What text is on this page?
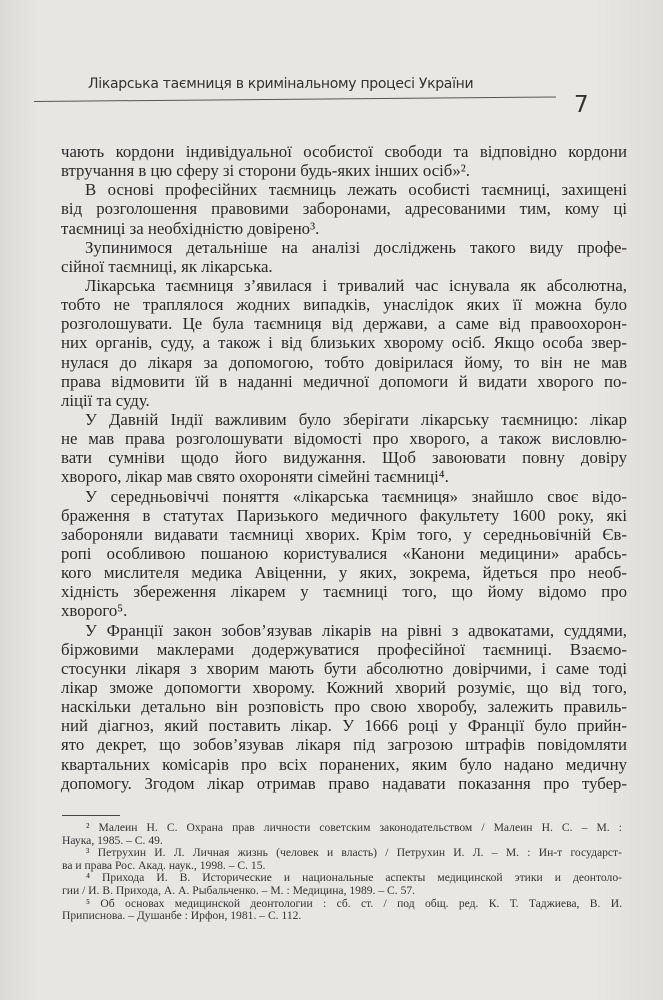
Лікарська таємниця в кримінальному процесі України
7
чають кордони індивідуальної особистої свободи та відповідно кордони
втручання в цю сферу зі сторони будь-яких інших осіб»².
В основі професійних таємниць лежать особисті таємниці, захищені
від розголошення правовими заборонами, адресованими тим, кому ці
таємниці за необхідністю довірено³.
Зупинимося детальніше на аналізі досліджень такого виду профе-
сійної таємниці, як лікарська.
Лікарська таємниця з’явилася і тривалий час існувала як абсолютна,
тобто не траплялося жодних випадків, унаслідок яких її можна було
розголошувати. Це була таємниця від держави, а саме від правоохорон-
них органів, суду, а також і від близьких хворому осіб. Якщо особа звер-
нулася до лікаря за допомогою, тобто довірилася йому, то він не мав
права відмовити їй в наданні медичної допомоги й видати хворого по-
ліції та суду.
У Давній Індії важливим було зберігати лікарську таємницю: лікар
не мав права розголошувати відомості про хворого, а також висловлю-
вати сумніви щодо його видужання. Щоб завоювати повну довіру
хворого, лікар мав свято охороняти сімейні таємниці⁴.
У середньовіччі поняття «лікарська таємниця» знайшло своє відо-
браження в статутах Паризького медичного факультету 1600 року, які
забороняли видавати таємниці хворих. Крім того, у середньовічній Єв-
ропі особливою пошаною користувалися «Канони медицини» арабсь-
кого мислителя медика Авіценни, у яких, зокрема, йдеться про необ-
хідність збереження лікарем у таємниці того, що йому відомо про
хворого⁵.
У Франції закон зобов’язував лікарів на рівні з адвокатами, суддями,
біржовими маклерами додержуватися професійної таємниці. Взаємо-
стосунки лікаря з хворим мають бути абсолютно довірчими, і саме тоді
лікар зможе допомогти хворому. Кожний хворий розуміє, що від того,
наскільки детально він розповість про свою хворобу, залежить правиль-
ний діагноз, який поставить лікар. У 1666 році у Франції було прийн-
ято декрет, що зобов’язував лікаря під загрозою штрафів повідомляти
квартальних комісарів про всіх поранених, яким було надано медичну
допомогу. Згодом лікар отримав право надавати показання про тубер-
² Малеин Н. С. Охрана прав личности советским законодательством / Малеин Н. С. – М. :
Наука, 1985. – С. 49.
³ Петрухин И. Л. Личная жизнь (человек и власть) / Петрухин И. Л. – М. : Ин-т государст-
ва и права Рос. Акад. наук., 1998. – С. 15.
⁴ Прихода И. В. Исторические и национальные аспекты медицинской этики и деонтоло-
гии / И. В. Прихода, А. А. Рыбальченко. – М. : Медицина, 1989. – С. 57.
⁵ Об основах медицинской деонтологии : сб. ст. / под общ. ред. К. Т. Таджиева, В. И.
Приписнова. – Душанбе : Ирфон, 1981. – С. 112.
